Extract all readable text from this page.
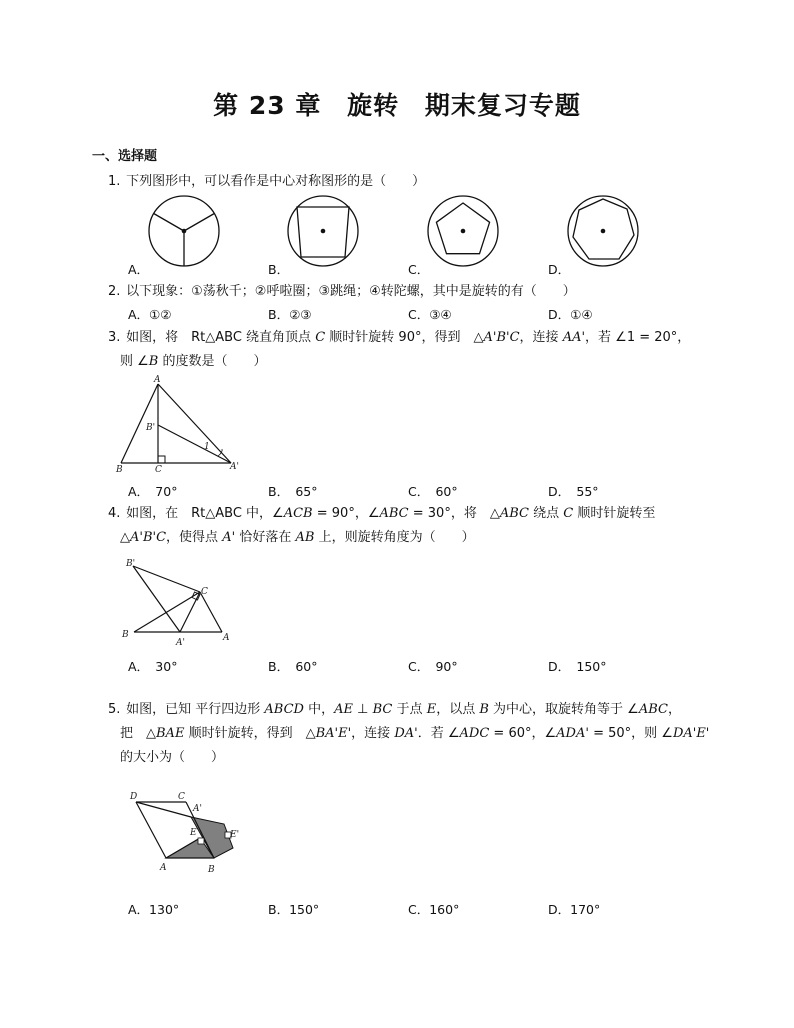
第 23 章 旋转 期末复习专题
一、选择题
1. 下列图形中，可以看作是中心对称图形的是（　　）
A．	B．	C．	D．
2. 以下现象：①荡秋千；②呼啦圈；③跳绳；④转陀螺，其中是旋转的有（　　）
A．①②	B．②③	C．③④	D．①④
3. 如图，将　Rt△ABC 绕直角顶点 C 顺时针旋转 90°，得到　△A'B'C，连接 AA'，若 ∠1 = 20°，
则 ∠B 的度数是（　　）
A
B'
1
B	C	A'
A．　70°	B．　65°	C．　60°	D．　55°
4. 如图，在　Rt△ABC 中，∠ACB = 90°，∠ABC = 30°，将　△ABC 绕点 C 顺时针旋转至
△A'B'C，使得点 A' 恰好落在 AB 上，则旋转角度为（　　）
B'
C
B
A'	A
A．　30°	B．　60°	C．　90°	D．　150°
5. 如图，已知 平行四边形 ABCD 中，AE ⊥ BC 于点 E，以点 B 为中心，取旋转角等于 ∠ABC，
把　△BAE 顺时针旋转，得到　△BA'E'，连接 DA'．若 ∠ADC = 60°，∠ADA' = 50°，则 ∠DA'E'
的大小为（　　）
D	C
A'
E	E'
A	B
A．130°	B．150°	C．160°	D．170°
